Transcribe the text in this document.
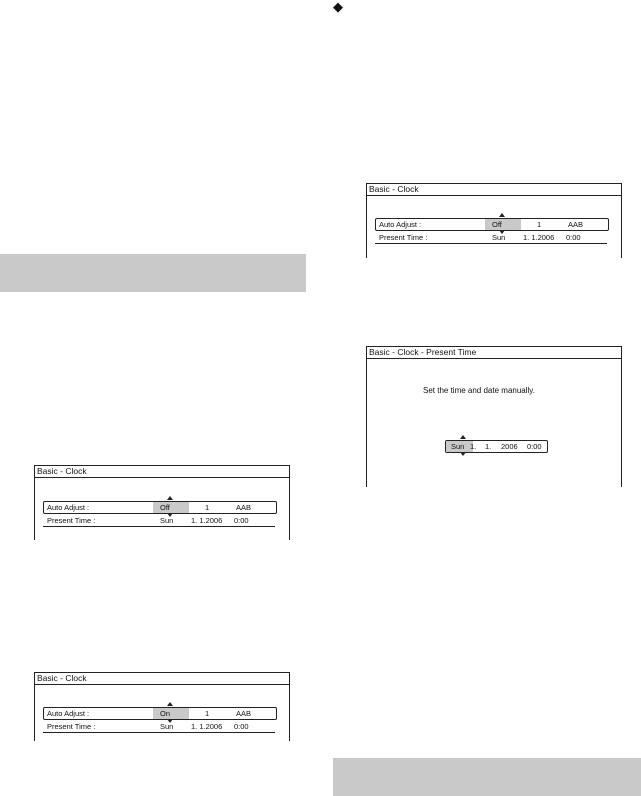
◆
Basic - Clock
Auto Adjust :	Off	1	AAB
Present Time :	Sun 1. 1.2006 0:00
Basic - Clock
Auto Adjust :	On	1	AAB
Present Time :	Sun 1. 1.2006 0:00
Basic - Clock
Auto Adjust :	Off	1	AAB
Present Time :	Sun 1. 1.2006 0:00
Basic - Clock - Present Time
Set the time and date manually.
Sun 1. 1. 2006 0:00
